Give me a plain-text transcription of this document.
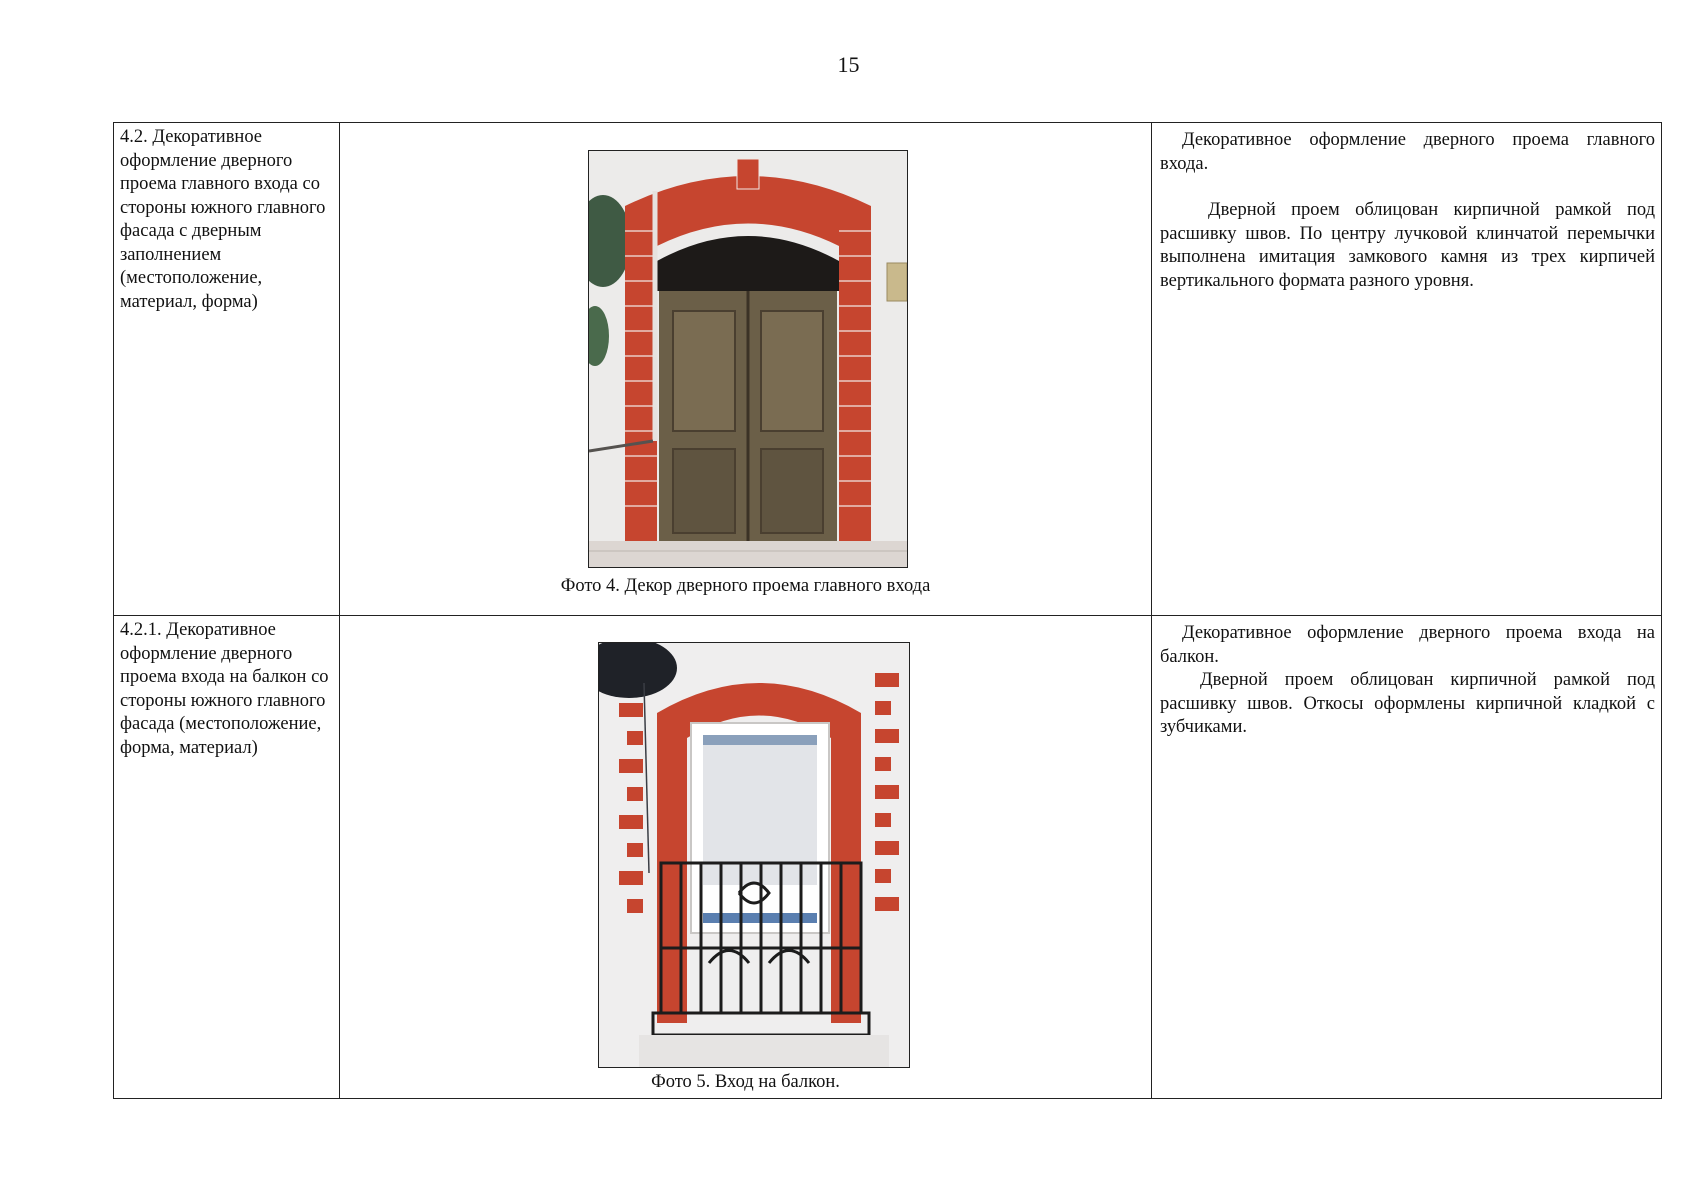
15
4.2. Декоративное оформление дверного проема главного входа со стороны южного главного фасада с дверным заполнением (местоположение, материал, форма)	Фото 4. Декор дверного проема главного входа	Декоративное оформление дверного проема главного входа.

Дверной проем облицован кирпичной рамкой под расшивку швов. По центру лучковой клинчатой перемычки выполнена имитация замкового камня из трех кирпичей вертикального формата разного уровня.

4.2.1. Декоративное оформление дверного проема входа на балкон со стороны южного главного фасада (местоположение, форма, материал)	Фото 5. Вход на балкон.	Декоративное оформление дверного проема входа на балкон.

Дверной проем облицован кирпичной рамкой под расшивку швов. Откосы оформлены кирпичной кладкой с зубчиками.
